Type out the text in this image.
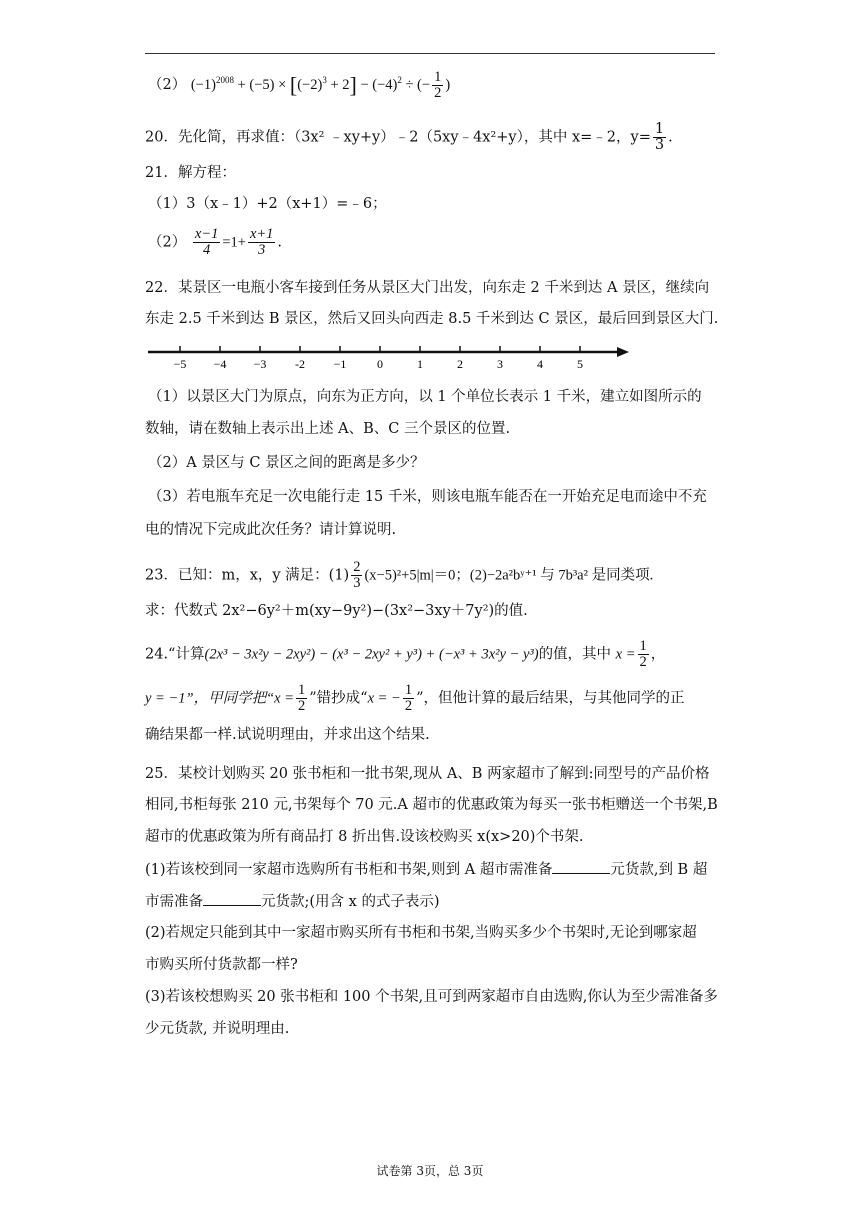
（2） $(-1)^{2008} + (-5) \times [(-2)^3 + 2] - (-4)^2$ ÷ (− $\frac{1}{2}$ )
20．先化简，再求值：（3x² ﹣xy+y）﹣2（5xy﹣4x²+y），其中 x=﹣2，$y= \frac{1}{3}$ .
21．解方程：
（1）3（x﹣1）+2（x+1）=﹣6；
$(2) \frac{x-1}{4} =1+ \frac{x+1}{3}$ .
22．某景区一电瓶小客车接到任务从景区大门出发，向东走 2 千米到达 A 景区，继续向
东走 2.5 千米到达 B 景区，然后又回头向西走 8.5 千米到达 C 景区，最后回到景区大门.
−5 −4 −3 -2 −1	0	1	2	3	4	5
（1）以景区大门为原点，向东为正方向，以 1 个单位长表示 1 千米，建立如图所示的
数轴，请在数轴上表示出上述 A、B、C 三个景区的位置.
（2）A 景区与 C 景区之间的距离是多少？
（3）若电瓶车充足一次电能行走 15 千米，则该电瓶车能否在一开始充足电而途中不充
电的情况下完成此次任务？请计算说明.
23．已知：m，x，y 满足：$(1) \frac{2}{3} (x-5)^2+5|m|=0$；(2)−2a²bʸ⁺¹ 与 7b³a² 是同类项.
求：代数式 2x²−6y²＋m(xy−9y²)−(3x²−3xy＋7y²)的值.
24.“计算(2x³ − 3x²y − 2xy²) − (x³ − 2xy² + y³) + (−x³ + 3x²y − y³)的值，其中 $x = \frac{1}{2}$ ，
y = −1”，甲同学把“$x = \frac{1}{2}$ ”错抄成“x = − $\frac{1}{2}$ ”，但他计算的最后结果，与其他同学的正
确结果都一样.试说明理由，并求出这个结果.
25．某校计划购买 20 张书柜和一批书架,现从 A、B 两家超市了解到:同型号的产品价格
相同,书柜每张 210 元,书架每个 70 元.A 超市的优惠政策为每买一张书柜赠送一个书架,B
超市的优惠政策为所有商品打 8 折出售.设该校购买 x(x>20)个书架.
(1)若该校到同一家超市选购所有书柜和书架,则到 A 超市需准备	元货款,到 B 超
市需准备	元货款;(用含 x 的式子表示)
(2)若规定只能到其中一家超市购买所有书柜和书架,当购买多少个书架时,无论到哪家超
市购买所付货款都一样?
(3)若该校想购买 20 张书柜和 100 个书架,且可到两家超市自由选购,你认为至少需准备多
少元货款, 并说明理由.
试卷第 3页，总 3页
